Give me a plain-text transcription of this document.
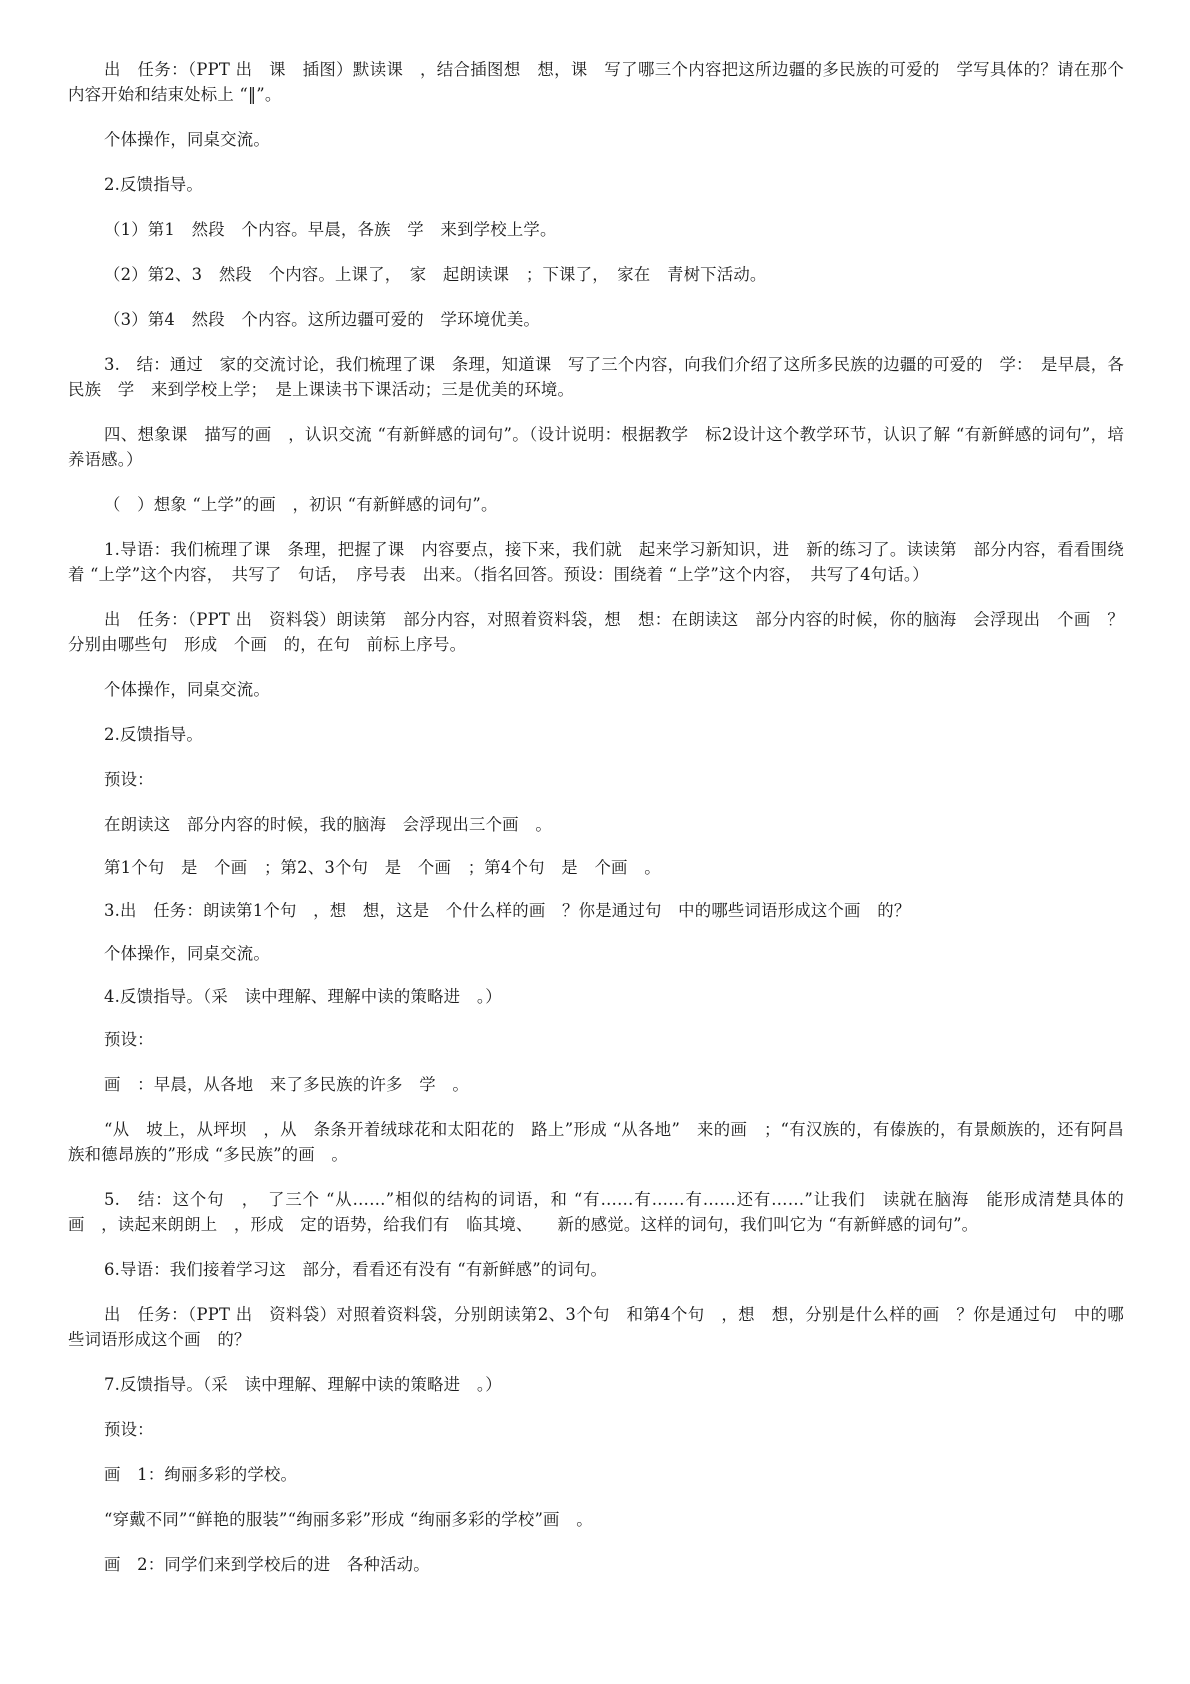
出　任务：（PPT 出　课　插图）默读课　，结合插图想　想，课　写了哪三个内容把这所边疆的多民族的可爱的　学写具体的？请在那个内容开始和结束处标上 “‖”。

个体操作，同桌交流。

2.反馈指导。

（1）第1　然段　个内容。早晨，各族　学　来到学校上学。

（2）第2、3　然段　个内容。上课了，　家　起朗读课　；下课了，　家在　青树下活动。

（3）第4　然段　个内容。这所边疆可爱的　学环境优美。

3.　结：通过　家的交流讨论，我们梳理了课　条理，知道课　写了三个内容，向我们介绍了这所多民族的边疆的可爱的　学：　是早晨，各民族　学　来到学校上学；　是上课读书下课活动；三是优美的环境。

四、想象课　描写的画　，认识交流 “有新鲜感的词句”。（设计说明：根据教学　标2设计这个教学环节，认识了解 “有新鲜感的词句”，培养语感。）

（　）想象 “上学”的画　，初识 “有新鲜感的词句”。

1.导语：我们梳理了课　条理，把握了课　内容要点，接下来，我们就　起来学习新知识，进　新的练习了。读读第　部分内容，看看围绕着 “上学”这个内容，　共写了　句话，　序号表　出来。（指名回答。预设：围绕着 “上学”这个内容，　共写了4句话。）

出　任务：（PPT 出　资料袋）朗读第　部分内容，对照着资料袋，想　想：在朗读这　部分内容的时候，你的脑海　会浮现出　个画　？分别由哪些句　形成　个画　的，在句　前标上序号。

个体操作，同桌交流。

2.反馈指导。

预设：

在朗读这　部分内容的时候，我的脑海　会浮现出三个画　。

第1个句　是　个画　；第2、3个句　是　个画　；第4个句　是　个画　。

3.出　任务：朗读第1个句　，想　想，这是　个什么样的画　？你是通过句　中的哪些词语形成这个画　的？

个体操作，同桌交流。

4.反馈指导。（采　读中理解、理解中读的策略进　。）

预设：

画　：早晨，从各地　来了多民族的许多　学　。

“从　坡上，从坪坝　，从　条条开着绒球花和太阳花的　路上”形成 “从各地”　来的画　；“有汉族的，有傣族的，有景颇族的，还有阿昌族和德昂族的”形成 “多民族”的画　。

5.　结：这个句　，　了三个 “从……”相似的结构的词语，和 “有……有……有……还有……”让我们　读就在脑海　能形成清楚具体的画　，读起来朗朗上　，形成　定的语势，给我们有　临其境、　　新的感觉。这样的词句，我们叫它为 “有新鲜感的词句”。

6.导语：我们接着学习这　部分，看看还有没有 “有新鲜感”的词句。

出　任务：（PPT 出　资料袋）对照着资料袋，分别朗读第2、3个句　和第4个句　，想　想，分别是什么样的画　？你是通过句　中的哪些词语形成这个画　的？

7.反馈指导。（采　读中理解、理解中读的策略进　。）

预设：

画　1：绚丽多彩的学校。

“穿戴不同”“鲜艳的服装”“绚丽多彩”形成 “绚丽多彩的学校”画　。

画　2：同学们来到学校后的进　各种活动。
